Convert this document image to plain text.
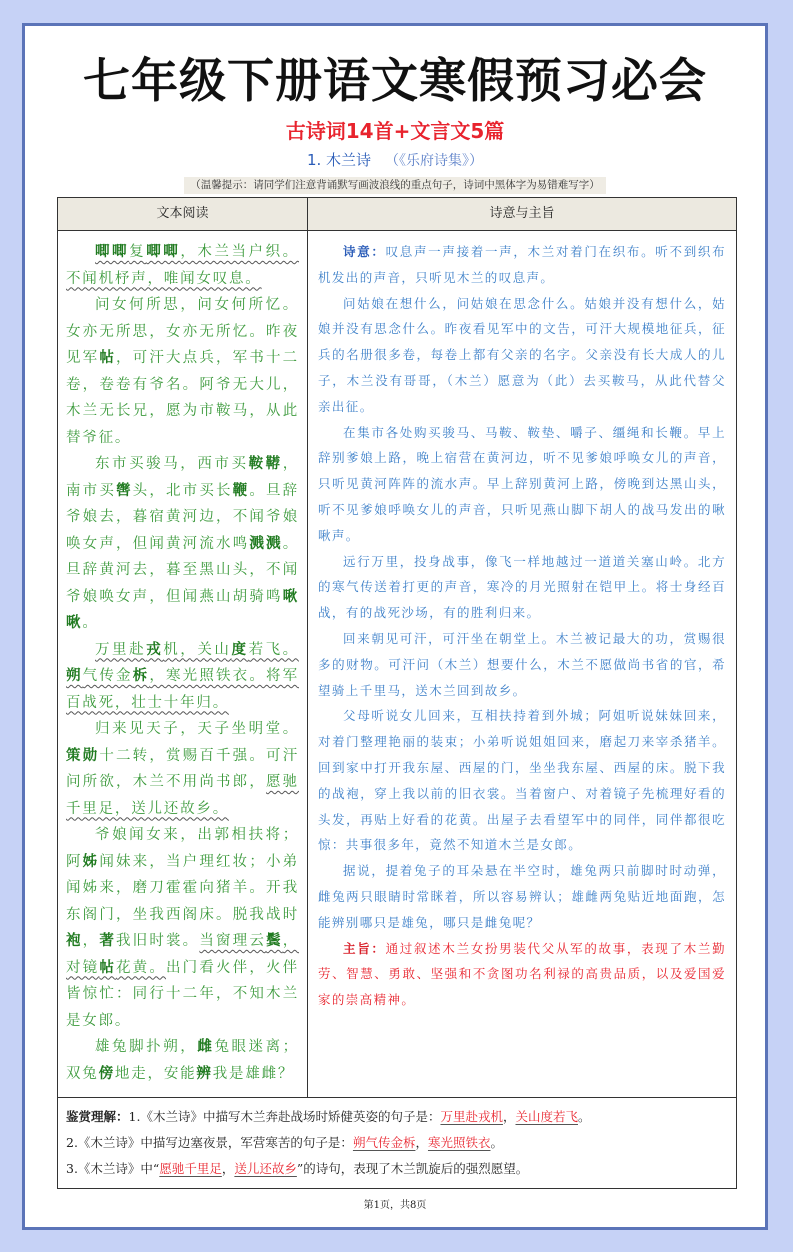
七年级下册语文寒假预习必会
古诗词14首+文言文5篇
1. 木兰诗 （《乐府诗集》）
（温馨提示：请同学们注意背诵默写画波浪线的重点句子，诗词中黑体字为易错难写字）
文本阅读	诗意与主旨

唧唧复唧唧，木兰当户织。不闻机杼声，唯闻女叹息。

问女何所思，问女何所忆。女亦无所思，女亦无所忆。昨夜见军帖，可汗大点兵，军书十二卷，卷卷有爷名。阿爷无大儿，木兰无长兄，愿为市鞍马，从此替爷征。

东市买骏马，西市买鞍鞯，南市买辔头，北市买长鞭。旦辞爷娘去，暮宿黄河边，不闻爷娘唤女声，但闻黄河流水鸣溅溅。旦辞黄河去，暮至黑山头，不闻爷娘唤女声，但闻燕山胡骑鸣啾啾。

万里赴戎机，关山度若飞。朔气传金柝，寒光照铁衣。将军百战死，壮士十年归。

归来见天子，天子坐明堂。策勋十二转，赏赐百千强。可汗问所欲，木兰不用尚书郎，愿驰千里足，送儿还故乡。

爷娘闻女来，出郭相扶将；阿姊闻妹来，当户理红妆；小弟闻姊来，磨刀霍霍向猪羊。开我东阁门，坐我西阁床。脱我战时袍，著我旧时裳。当窗理云鬓，对镜帖花黄。出门看火伴，火伴皆惊忙：同行十二年，不知木兰是女郎。

雄兔脚扑朔，雌兔眼迷离；双兔傍地走，安能辨我是雄雌？

诗意：叹息声一声接着一声，木兰对着门在织布。听不到织布机发出的声音，只听见木兰的叹息声。

问姑娘在想什么，问姑娘在思念什么。姑娘并没有想什么，姑娘并没有思念什么。昨夜看见军中的文告，可汗大规模地征兵，征兵的名册很多卷，每卷上都有父亲的名字。父亲没有长大成人的儿子，木兰没有哥哥，（木兰）愿意为（此）去买鞍马，从此代替父亲出征。

在集市各处购买骏马、马鞍、鞍垫、嚼子、缰绳和长鞭。早上辞别爹娘上路，晚上宿营在黄河边，听不见爹娘呼唤女儿的声音，只听见黄河阵阵的流水声。早上辞别黄河上路，傍晚到达黑山头，听不见爹娘呼唤女儿的声音，只听见燕山脚下胡人的战马发出的啾啾声。

远行万里，投身战事，像飞一样地越过一道道关塞山岭。北方的寒气传送着打更的声音，寒冷的月光照射在铠甲上。将士身经百战，有的战死沙场，有的胜利归来。

回来朝见可汗，可汗坐在朝堂上。木兰被记最大的功，赏赐很多的财物。可汗问（木兰）想要什么，木兰不愿做尚书省的官，希望骑上千里马，送木兰回到故乡。

父母听说女儿回来，互相扶持着到外城；阿姐听说妹妹回来，对着门整理艳丽的装束；小弟听说姐姐回来，磨起刀来宰杀猪羊。回到家中打开我东屋、西屋的门，坐坐我东屋、西屋的床。脱下我的战袍，穿上我以前的旧衣裳。当着窗户、对着镜子先梳理好看的头发，再贴上好看的花黄。出屋子去看望军中的同伴，同伴都很吃惊：共事很多年，竟然不知道木兰是女郎。

据说，提着兔子的耳朵悬在半空时，雄兔两只前脚时时动弹，雌兔两只眼睛时常眯着，所以容易辨认；雄雌两兔贴近地面跑，怎能辨别哪只是雄兔，哪只是雌兔呢？

主旨：通过叙述木兰女扮男装代父从军的故事，表现了木兰勤劳、智慧、勇敢、坚强和不贪图功名利禄的高贵品质，以及爱国爱家的崇高精神。

鉴赏理解：1.《木兰诗》中描写木兰奔赴战场时矫健英姿的句子是：万里赴戎机，关山度若飞。
2.《木兰诗》中描写边塞夜景，军营寒苦的句子是：朔气传金柝，寒光照铁衣。
3.《木兰诗》中“愿驰千里足，送儿还故乡”的诗句，表现了木兰凯旋后的强烈愿望。
第1页，共8页
